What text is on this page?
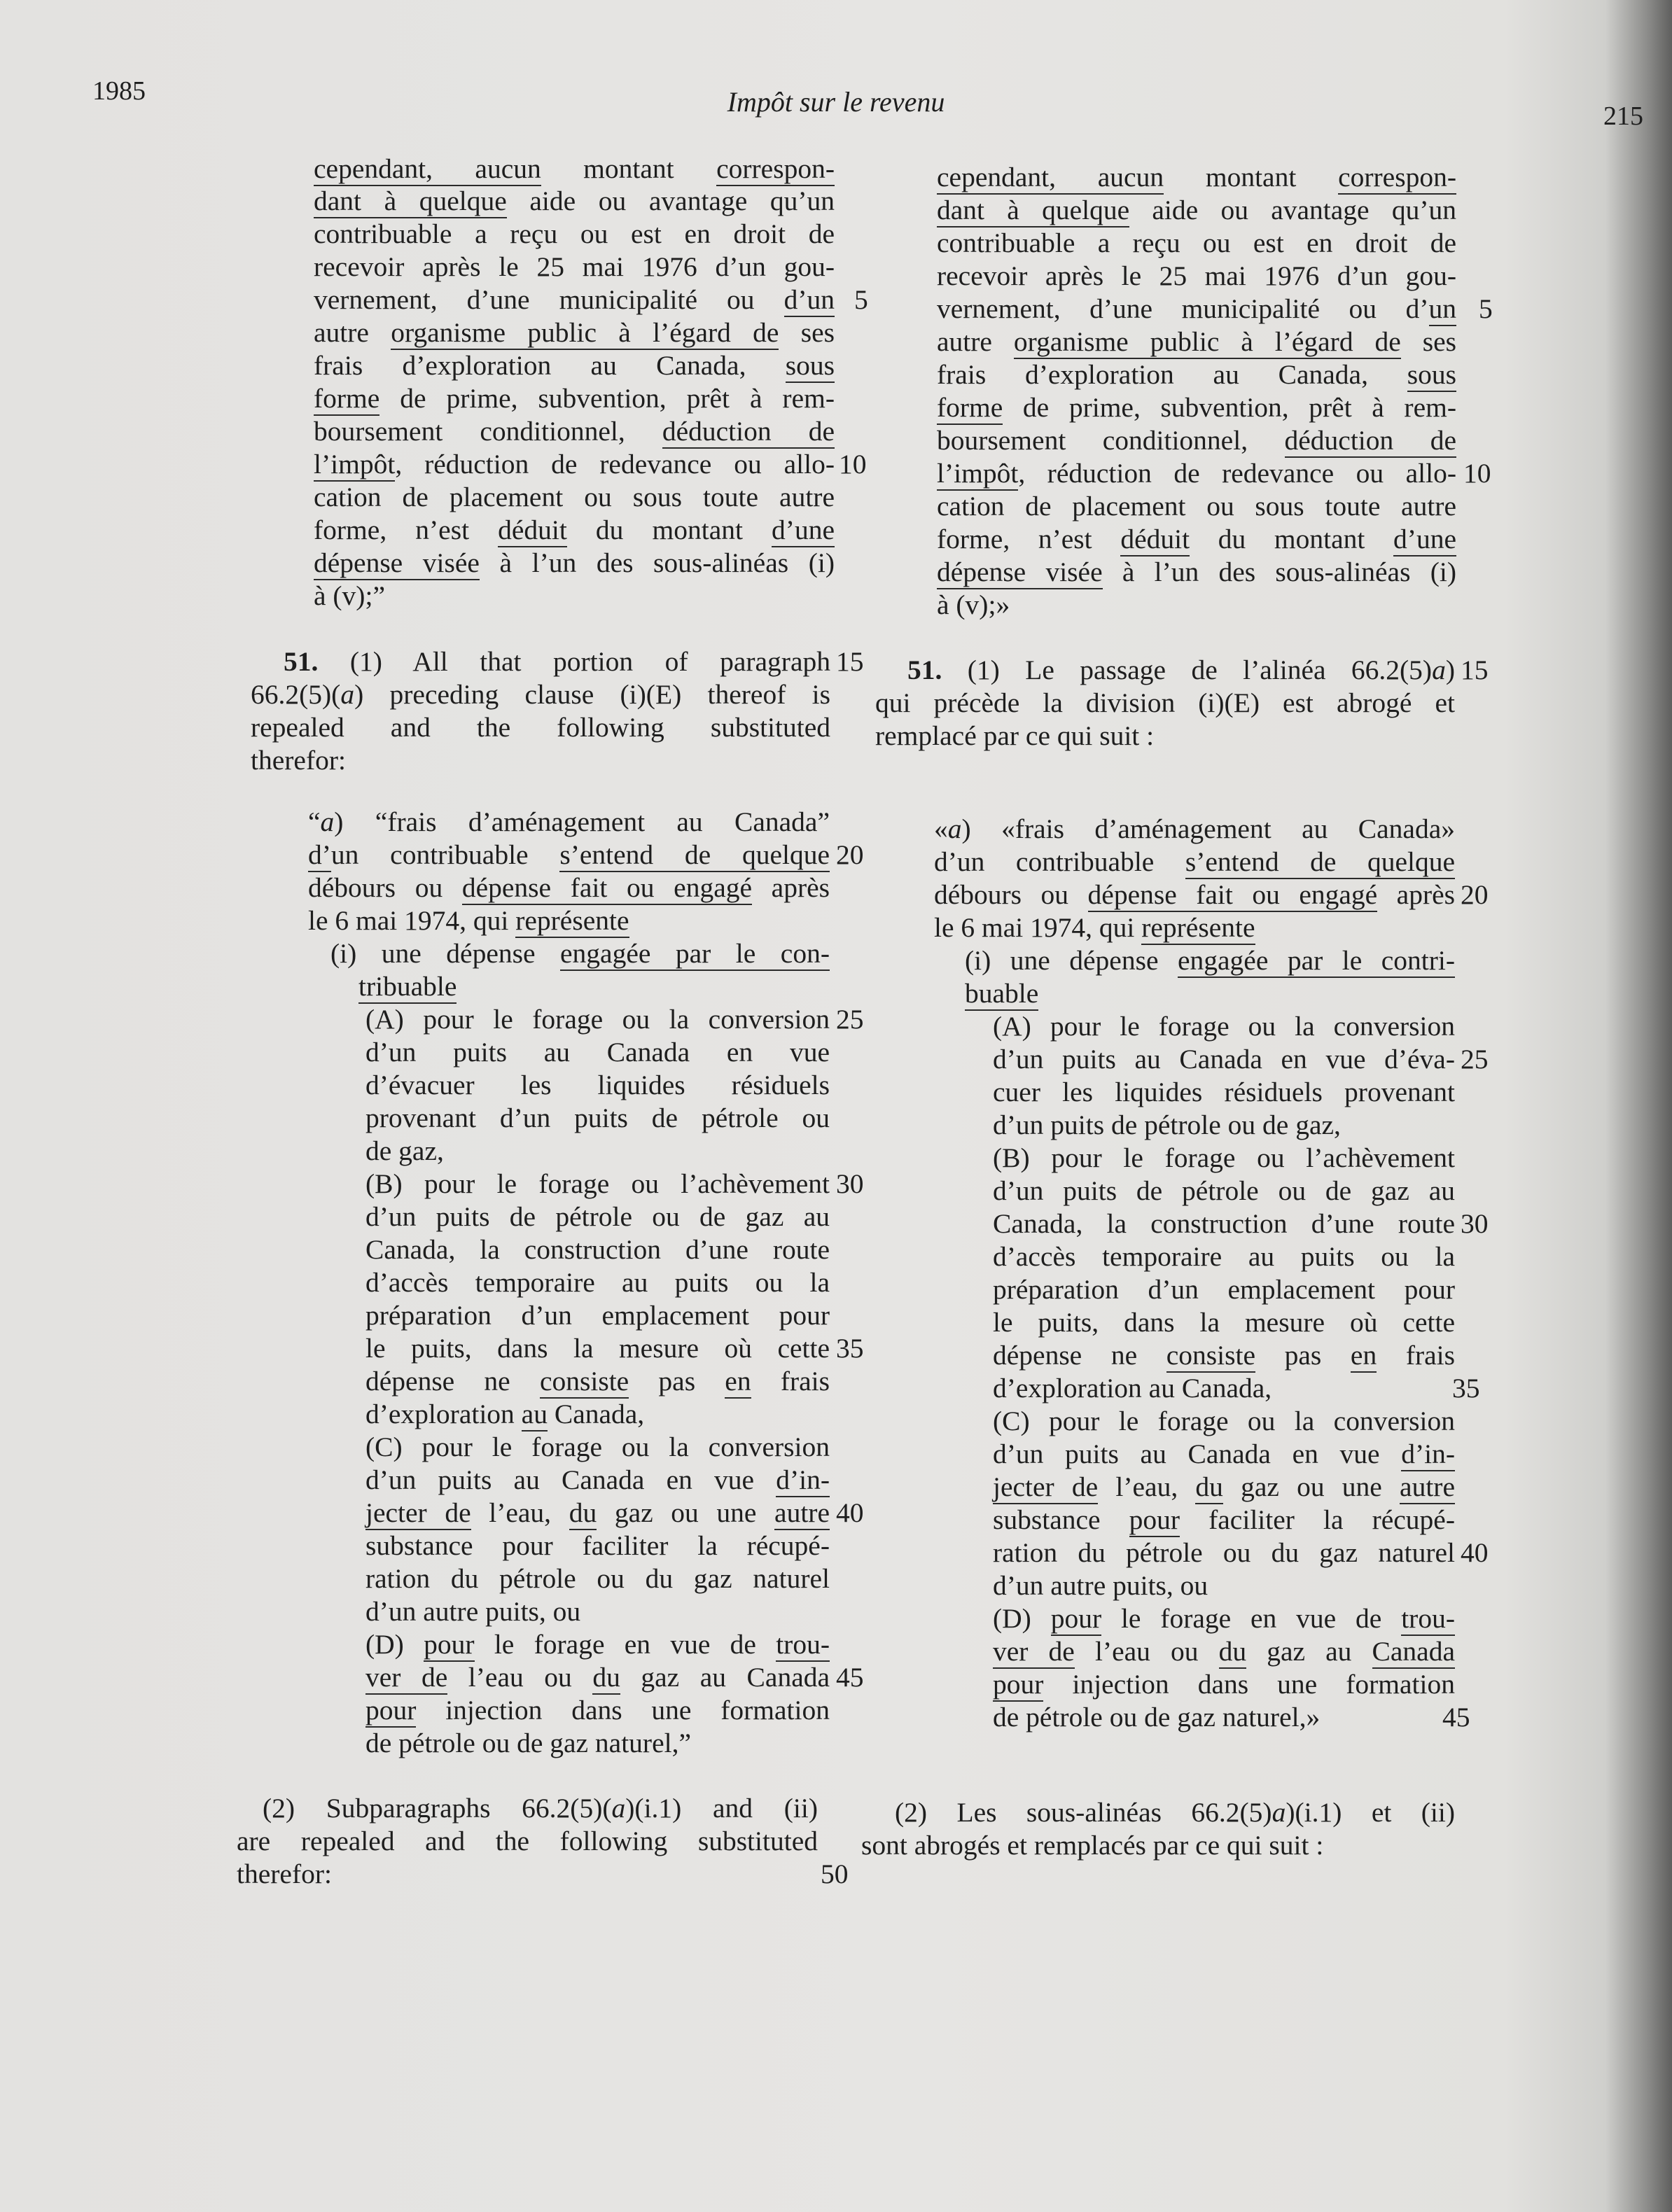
1985	Impôt sur le revenu	215
cependant, aucun montant correspon-
dant à quelque aide ou avantage qu’un
contribuable a reçu ou est en droit de
recevoir après le 25 mai 1976 d’un gou-
vernement, d’une municipalité ou d’un
autre organisme public à l’égard de ses
frais d’exploration au Canada, sous
forme de prime, subvention, prêt à rem-
boursement conditionnel, déduction de
l’impôt, réduction de redevance ou allo-
cation de placement ou sous toute autre
forme, n’est déduit du montant d’une
dépense visée à l’un des sous-alinéas (i)
à (v);”
51. (1) All that portion of paragraph
66.2(5)(a) preceding clause (i)(E) thereof is
repealed and the following substituted
therefor:
“a) “frais d’aménagement au Canada”
d’un contribuable s’entend de quelque
débours ou dépense fait ou engagé après
le 6 mai 1974, qui représente
(i) une dépense engagée par le con-
tribuable
(A) pour le forage ou la conversion
d’un puits au Canada en vue
d’évacuer les liquides résiduels
provenant d’un puits de pétrole ou
de gaz,
(B) pour le forage ou l’achèvement
d’un puits de pétrole ou de gaz au
Canada, la construction d’une route
d’accès temporaire au puits ou la
préparation d’un emplacement pour
le puits, dans la mesure où cette
dépense ne consiste pas en frais
d’exploration au Canada,
(C) pour le forage ou la conversion
d’un puits au Canada en vue d’in-
jecter de l’eau, du gaz ou une autre
substance pour faciliter la récupé-
ration du pétrole ou du gaz naturel
d’un autre puits, ou
(D) pour le forage en vue de trou-
ver de l’eau ou du gaz au Canada
pour injection dans une formation
de pétrole ou de gaz naturel,”
(2) Subparagraphs 66.2(5)(a)(i.1) and (ii)
are repealed and the following substituted
therefor:
5
10
15
20
25
30
35
40
45
50
cependant, aucun montant correspon-
dant à quelque aide ou avantage qu’un
contribuable a reçu ou est en droit de
recevoir après le 25 mai 1976 d’un gou-
vernement, d’une municipalité ou d’un
autre organisme public à l’égard de ses
frais d’exploration au Canada, sous
forme de prime, subvention, prêt à rem-
boursement conditionnel, déduction de
l’impôt, réduction de redevance ou allo-
cation de placement ou sous toute autre
forme, n’est déduit du montant d’une
dépense visée à l’un des sous-alinéas (i)
à (v);»
51. (1) Le passage de l’alinéa 66.2(5)a)
qui précède la division (i)(E) est abrogé et
remplacé par ce qui suit :
«a) «frais d’aménagement au Canada»
d’un contribuable s’entend de quelque
débours ou dépense fait ou engagé après
le 6 mai 1974, qui représente
(i) une dépense engagée par le contri-
buable
(A) pour le forage ou la conversion
d’un puits au Canada en vue d’éva-
cuer les liquides résiduels provenant
d’un puits de pétrole ou de gaz,
(B) pour le forage ou l’achèvement
d’un puits de pétrole ou de gaz au
Canada, la construction d’une route
d’accès temporaire au puits ou la
préparation d’un emplacement pour
le puits, dans la mesure où cette
dépense ne consiste pas en frais
d’exploration au Canada,
(C) pour le forage ou la conversion
d’un puits au Canada en vue d’in-
jecter de l’eau, du gaz ou une autre
substance pour faciliter la récupé-
ration du pétrole ou du gaz naturel
d’un autre puits, ou
(D) pour le forage en vue de trou-
ver de l’eau ou du gaz au Canada
pour injection dans une formation
de pétrole ou de gaz naturel,»
(2) Les sous-alinéas 66.2(5)a)(i.1) et (ii)
sont abrogés et remplacés par ce qui suit :
5
10
15
20
25
30
35
40
45
